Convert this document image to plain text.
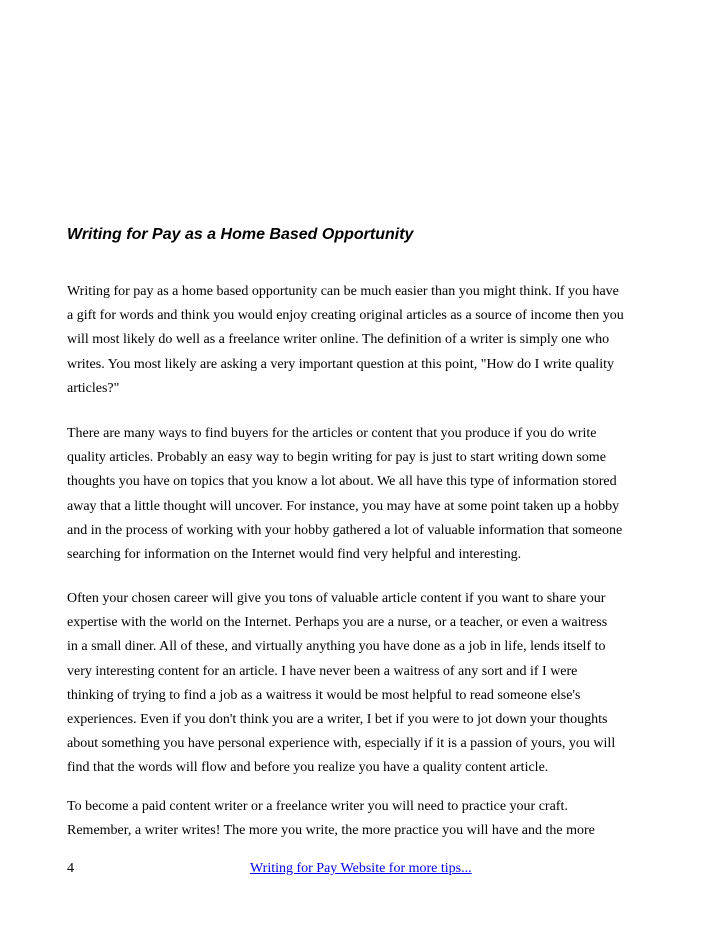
Writing for Pay as a Home Based Opportunity
Writing for pay as a home based opportunity can be much easier than you might think. If you have
a gift for words and think you would enjoy creating original articles as a source of income then you
will most likely do well as a freelance writer online. The definition of a writer is simply one who
writes. You most likely are asking a very important question at this point, "How do I write quality
articles?"
There are many ways to find buyers for the articles or content that you produce if you do write
quality articles. Probably an easy way to begin writing for pay is just to start writing down some
thoughts you have on topics that you know a lot about. We all have this type of information stored
away that a little thought will uncover. For instance, you may have at some point taken up a hobby
and in the process of working with your hobby gathered a lot of valuable information that someone
searching for information on the Internet would find very helpful and interesting.
Often your chosen career will give you tons of valuable article content if you want to share your
expertise with the world on the Internet. Perhaps you are a nurse, or a teacher, or even a waitress
in a small diner. All of these, and virtually anything you have done as a job in life, lends itself to
very interesting content for an article. I have never been a waitress of any sort and if I were
thinking of trying to find a job as a waitress it would be most helpful to read someone else's
experiences. Even if you don't think you are a writer, I bet if you were to jot down your thoughts
about something you have personal experience with, especially if it is a passion of yours, you will
find that the words will flow and before you realize you have a quality content article.
To become a paid content writer or a freelance writer you will need to practice your craft.
Remember, a writer writes! The more you write, the more practice you will have and the more
4	Writing for Pay Website for more tips...
